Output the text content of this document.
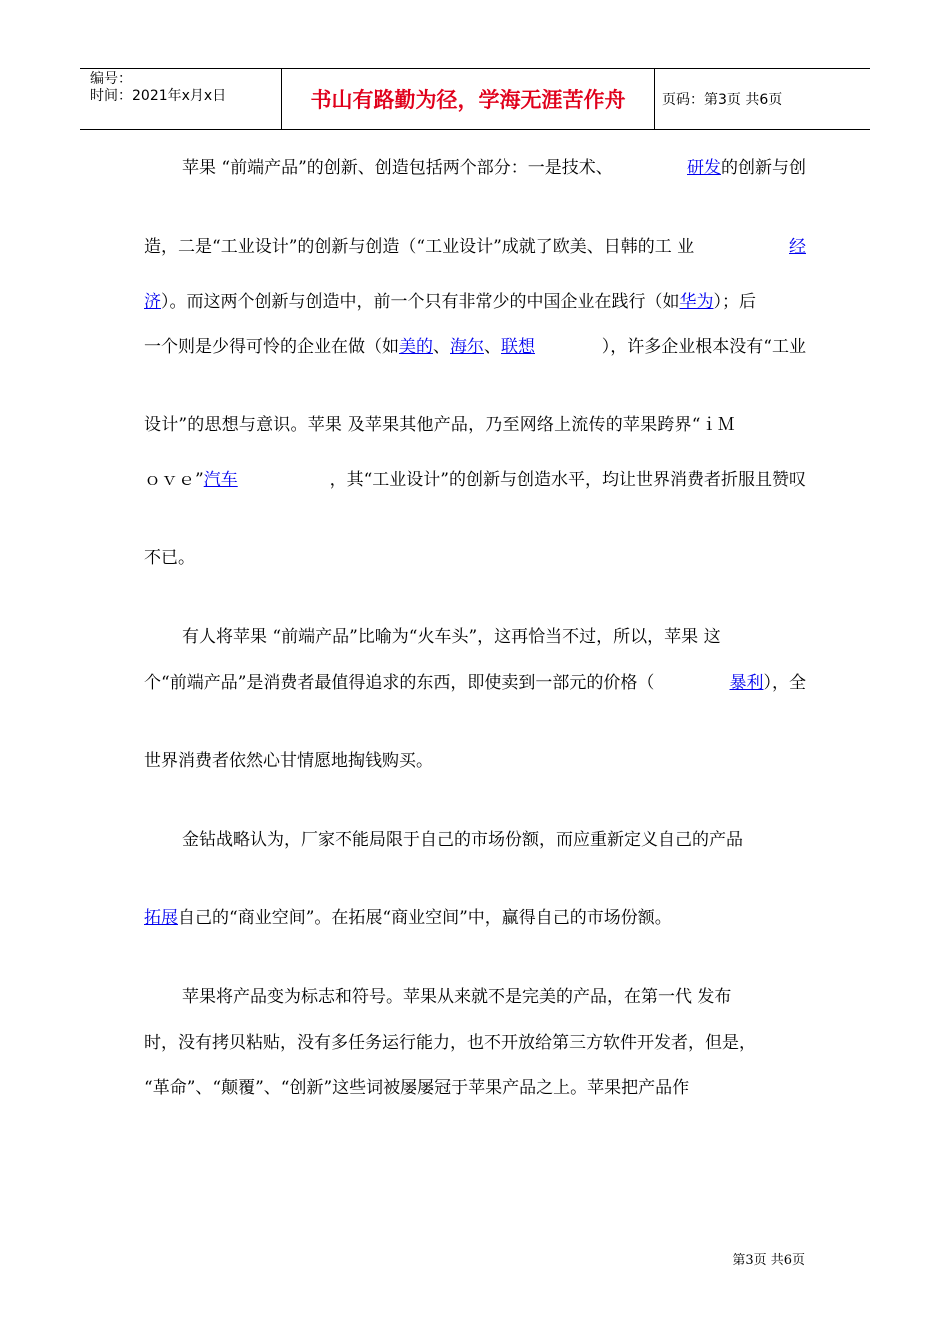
编号：
时间：2021年x月x日	书山有路勤为径，学海无涯苦作舟	页码：第3页 共6页
苹果 “前端产品”的创新、创造包括两个部分：一是技术、	研发的创新与创
造，二是“工业设计”的创新与创造（“工业设计”成就了欧美、日韩的工 业	经
济）。而这两个创新与创造中，前一个只有非常少的中国企业在践行（如华为）；后
一个则是少得可怜的企业在做（如美的、海尔、联想	），许多企业根本没有“工业
设计”的思想与意识。苹果 及苹果其他产品，乃至网络上流传的苹果跨界“ｉＭ
ｏｖｅ”汽车	，其“工业设计”的创新与创造水平，均让世界消费者折服且赞叹
不已。
有人将苹果 “前端产品”比喻为“火车头”，这再恰当不过，所以，苹果 这
个“前端产品”是消费者最值得追求的东西，即使卖到一部元的价格（	暴利），全
世界消费者依然心甘情愿地掏钱购买。
金钻战略认为，厂家不能局限于自己的市场份额，而应重新定义自己的产品
拓展自己的“商业空间”。在拓展“商业空间”中，赢得自己的市场份额。
苹果将产品变为标志和符号。苹果从来就不是完美的产品，在第一代 发布
时，没有拷贝粘贴，没有多任务运行能力，也不开放给第三方软件开发者，但是，
“革命”、“颠覆”、“创新”这些词被屡屡冠于苹果产品之上。苹果把产品作
第3页 共6页
